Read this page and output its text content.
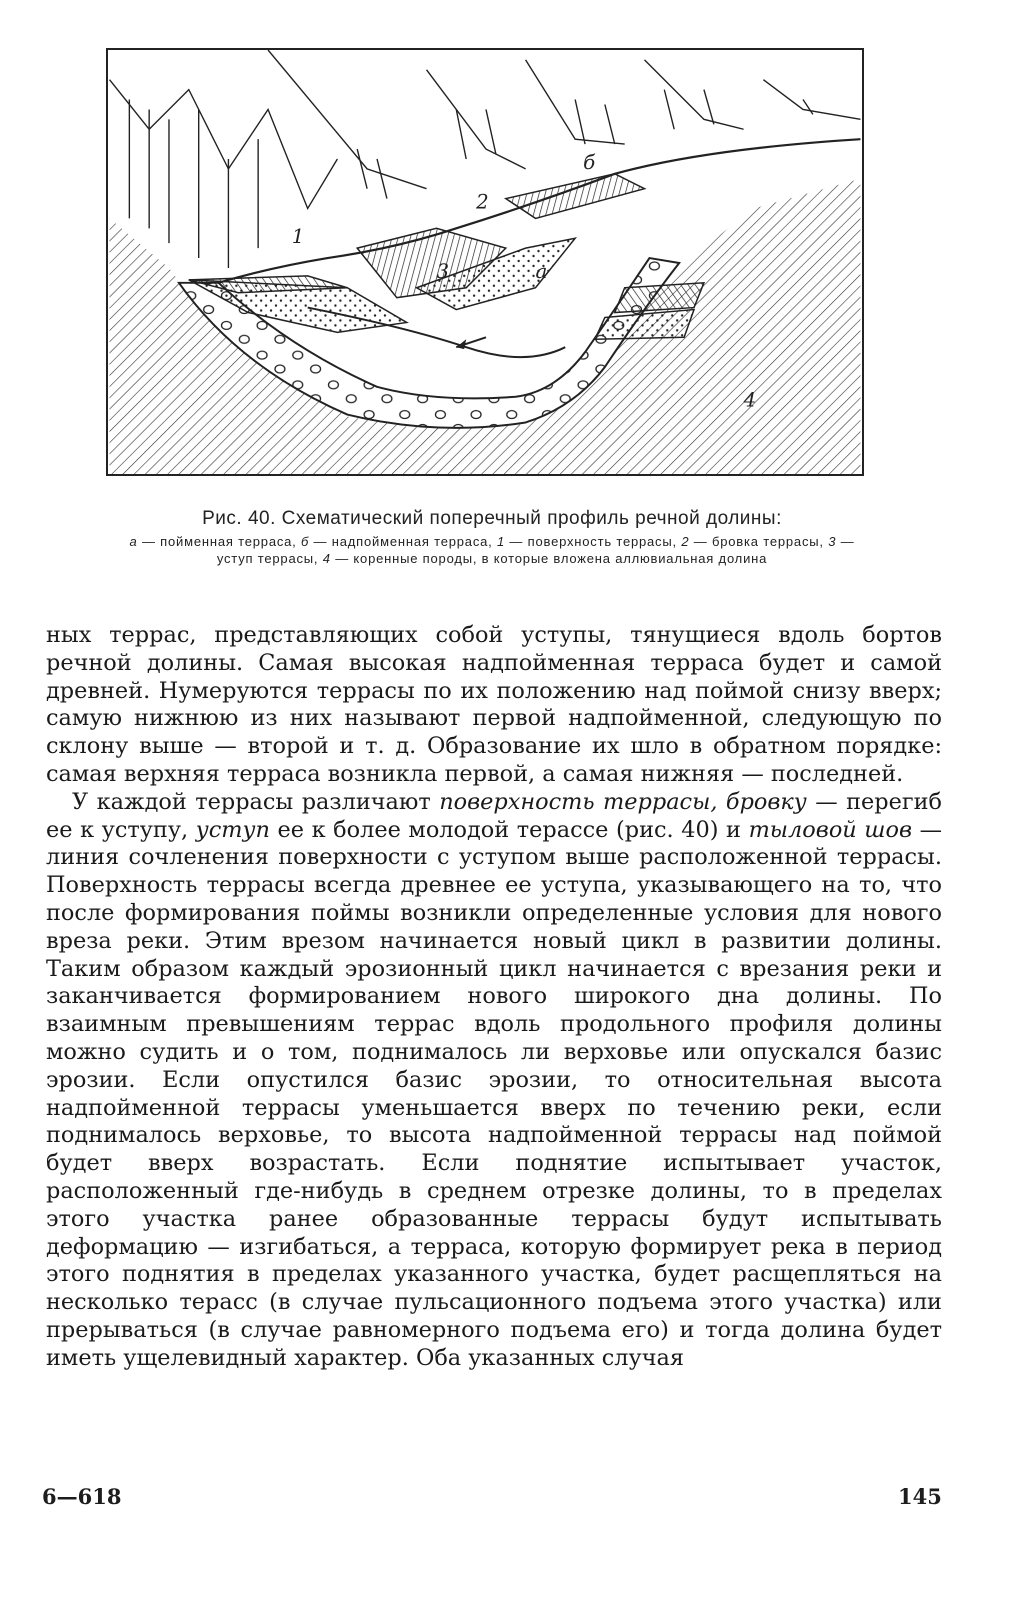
а
б
1
2
3
4
Рис. 40. Схематический поперечный профиль речной долины:
а — пойменная терраса, б — надпойменная терраса, 1 — поверхность террасы, 2 — бровка террасы, 3 — уступ террасы, 4 — коренные породы, в которые вложена аллювиальная долина

ных террас, представляющих собой уступы, тянущиеся вдоль бортов речной долины. Самая высокая надпойменная терраса будет и самой древней. Нумеруются террасы по их положению над поймой снизу вверх; самую нижнюю из них называют первой надпойменной, следующую по склону выше — второй и т. д. Образование их шло в обратном порядке: самая верхняя терраса возникла первой, а самая нижняя — последней.

У каждой террасы различают поверхность террасы, бровку — перегиб ее к уступу, уступ ее к более молодой тeрассе (рис. 40) и тыловой шов — линия сочленения поверхности с уступом выше расположенной террасы. Поверхность террасы всегда древнее ее уступа, указывающего на то, что после формирования поймы возникли определенные условия для нового вреза реки. Этим врезом начинается новый цикл в развитии долины. Таким образом каждый эрозионный цикл начинается с врезания реки и заканчивается формированием нового широкого дна долины. По взаимным превышениям террас вдоль продольного профиля долины можно судить и о том, поднималось ли верховье или опускался базис эрозии. Если опустился базис эрозии, то относительная высота надпойменной террасы уменьшается вверх по течению реки, если поднималось верховье, то высота надпойменной террасы над поймой будет вверх возрастать. Если поднятие испытывает участок, расположенный где-нибудь в среднем отрезке долины, то в пределах этого участка ранее образованные террасы будут испытывать деформацию — изгибаться, а терраса, которую формирует река в период этого поднятия в пределах указанного участка, будет расщепляться на несколько терасс (в случае пульсационного подъема этого участка) или прерываться (в случае равномерного подъема его) и тогда долина будет иметь ущелевидный характер. Оба указанных случая

6—618	145
